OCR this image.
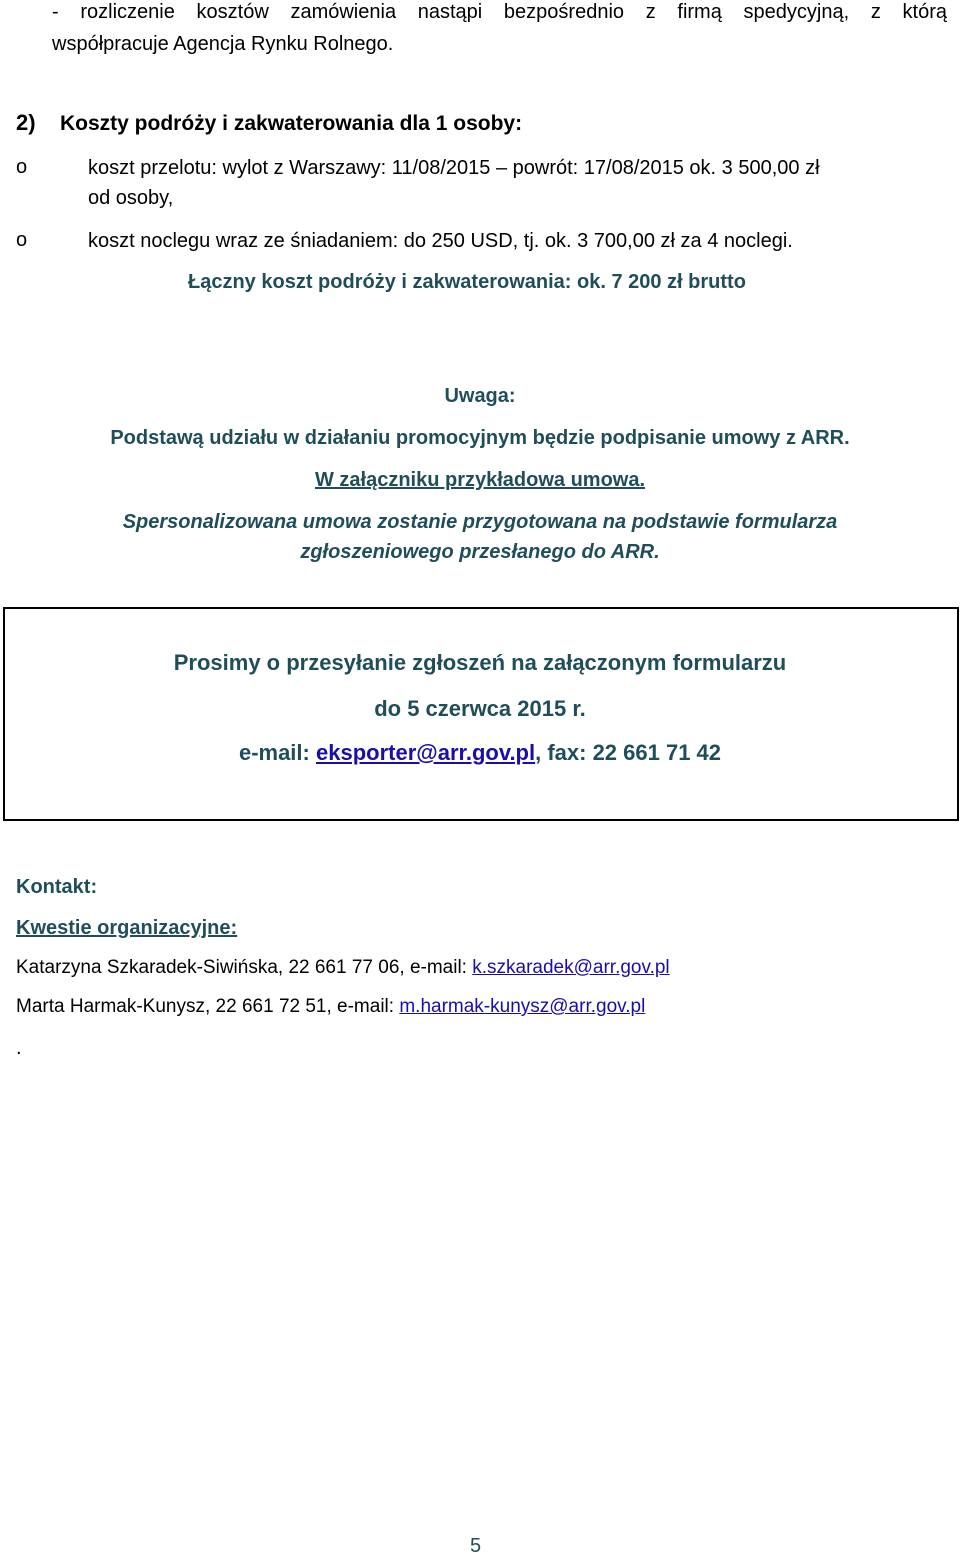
- rozliczenie kosztów zamówienia nastąpi bezpośrednio z firmą spedycyjną, z którą
współpracuje Agencja Rynku Rolnego.
2) Koszty podróży i zakwaterowania dla 1 osoby:
o	koszt przelotu: wylot z Warszawy: 11/08/2015 – powrót: 17/08/2015 ok. 3 500,00 zł
od osoby,
o	koszt noclegu wraz ze śniadaniem: do 250 USD, tj. ok. 3 700,00 zł za 4 noclegi.
Łączny koszt podróży i zakwaterowania: ok. 7 200 zł brutto
Uwaga:
Podstawą udziału w działaniu promocyjnym będzie podpisanie umowy z ARR.
W załączniku przykładowa umowa.
Spersonalizowana umowa zostanie przygotowana na podstawie formularza
zgłoszeniowego przesłanego do ARR.
Prosimy o przesyłanie zgłoszeń na załączonym formularzu
do 5 czerwca 2015 r.
e-mail: eksporter@arr.gov.pl, fax: 22 661 71 42
Kontakt:
Kwestie organizacyjne:
Katarzyna Szkaradek-Siwińska, 22 661 77 06, e-mail: k.szkaradek@arr.gov.pl
Marta Harmak-Kunysz, 22 661 72 51, e-mail: m.harmak-kunysz@arr.gov.pl
.
5
